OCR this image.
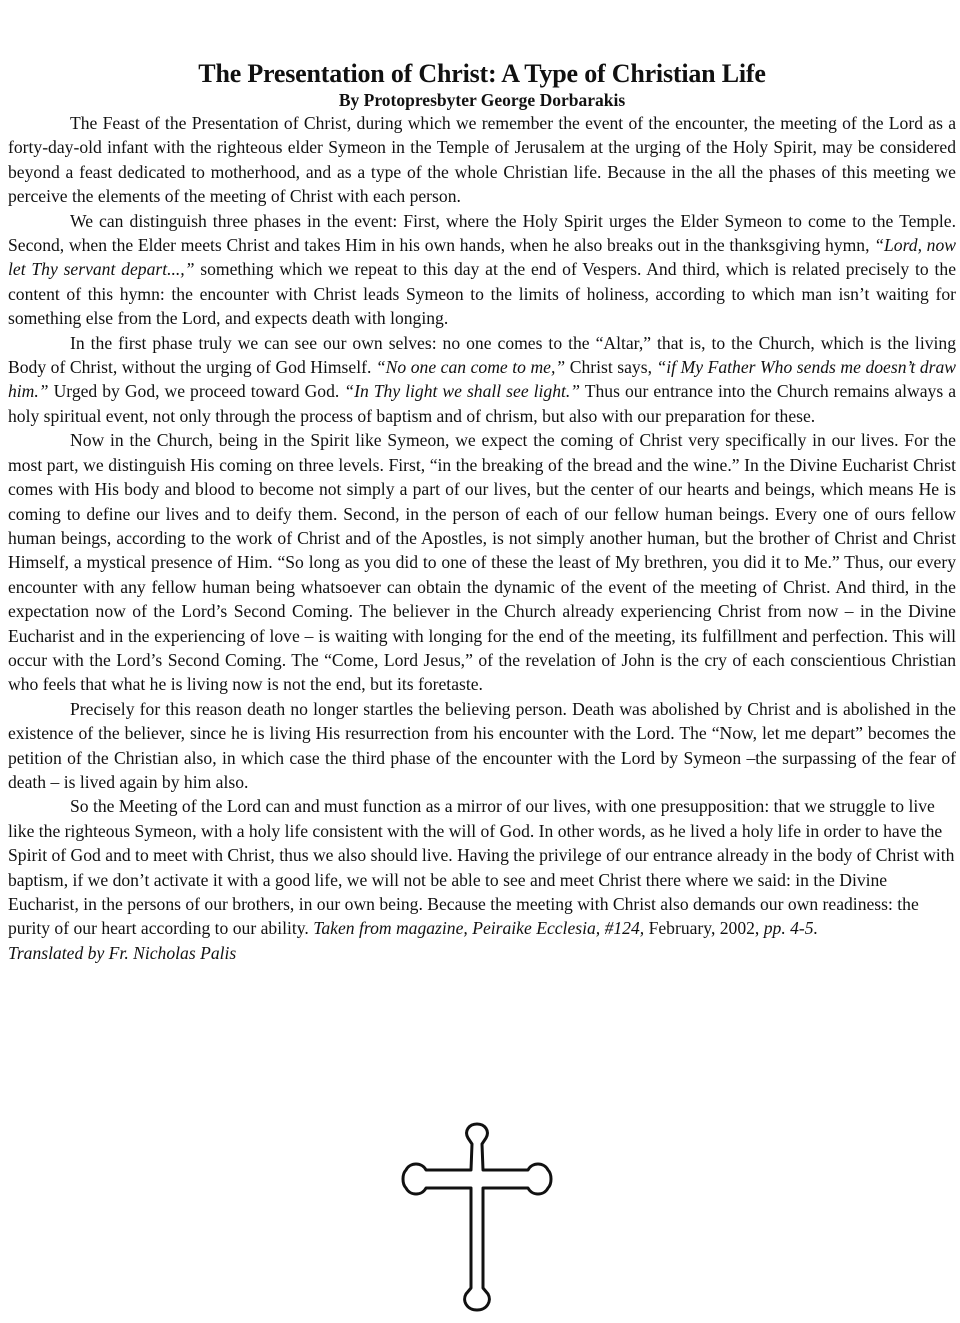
The Presentation of Christ: A Type of Christian Life
By Protopresbyter George Dorbarakis

The Feast of the Presentation of Christ, during which we remember the event of the encounter, the meeting of the Lord as a forty-day-old infant with the righteous elder Symeon in the Temple of Jerusalem at the urging of the Holy Spirit, may be considered beyond a feast dedicated to motherhood, and as a type of the whole Christian life. Because in the all the phases of this meeting we perceive the elements of the meeting of Christ with each person.

We can distinguish three phases in the event: First, where the Holy Spirit urges the Elder Symeon to come to the Temple. Second, when the Elder meets Christ and takes Him in his own hands, when he also breaks out in the thanksgiving hymn, “Lord, now let Thy servant depart...,” something which we repeat to this day at the end of Vespers. And third, which is related precisely to the content of this hymn: the encounter with Christ leads Symeon to the limits of holiness, according to which man isn’t waiting for something else from the Lord, and expects death with longing.

In the first phase truly we can see our own selves: no one comes to the “Altar,” that is, to the Church, which is the living Body of Christ, without the urging of God Himself. “No one can come to me,” Christ says, “if My Father Who sends me doesn’t draw him.” Urged by God, we proceed toward God. “In Thy light we shall see light.” Thus our entrance into the Church remains always a holy spiritual event, not only through the process of baptism and of chrism, but also with our preparation for these.

Now in the Church, being in the Spirit like Symeon, we expect the coming of Christ very specifically in our lives. For the most part, we distinguish His coming on three levels. First, “in the breaking of the bread and the wine.” In the Divine Eucharist Christ comes with His body and blood to become not simply a part of our lives, but the center of our hearts and beings, which means He is coming to define our lives and to deify them. Second, in the person of each of our fellow human beings. Every one of ours fellow human beings, according to the work of Christ and of the Apostles, is not simply another human, but the brother of Christ and Christ Himself, a mystical presence of Him. “So long as you did to one of these the least of My brethren, you did it to Me.” Thus, our every encounter with any fellow human being whatsoever can obtain the dynamic of the event of the meeting of Christ. And third, in the expectation now of the Lord’s Second Coming. The believer in the Church already experiencing Christ from now – in the Divine Eucharist and in the experiencing of love – is waiting with longing for the end of the meeting, its fulfillment and perfection. This will occur with the Lord’s Second Coming. The “Come, Lord Jesus,” of the revelation of John is the cry of each conscientious Christian who feels that what he is living now is not the end, but its foretaste.

Precisely for this reason death no longer startles the believing person. Death was abolished by Christ and is abolished in the existence of the believer, since he is living His resurrection from his encounter with the Lord. The “Now, let me depart” becomes the petition of the Christian also, in which case the third phase of the encounter with the Lord by Symeon –the surpassing of the fear of death – is lived again by him also.

So the Meeting of the Lord can and must function as a mirror of our lives, with one presupposition: that we struggle to live like the righteous Symeon, with a holy life consistent with the will of God. In other words, as he lived a holy life in order to have the Spirit of God and to meet with Christ, thus we also should live. Having the privilege of our entrance already in the body of Christ with baptism, if we don’t activate it with a good life, we will not be able to see and meet Christ there where we said: in the Divine Eucharist, in the persons of our brothers, in our own being. Because the meeting with Christ also demands our own readiness: the purity of our heart according to our ability. Taken from magazine, Peiraike Ecclesia, #124, February, 2002, pp. 4-5.
Translated by Fr. Nicholas Palis
